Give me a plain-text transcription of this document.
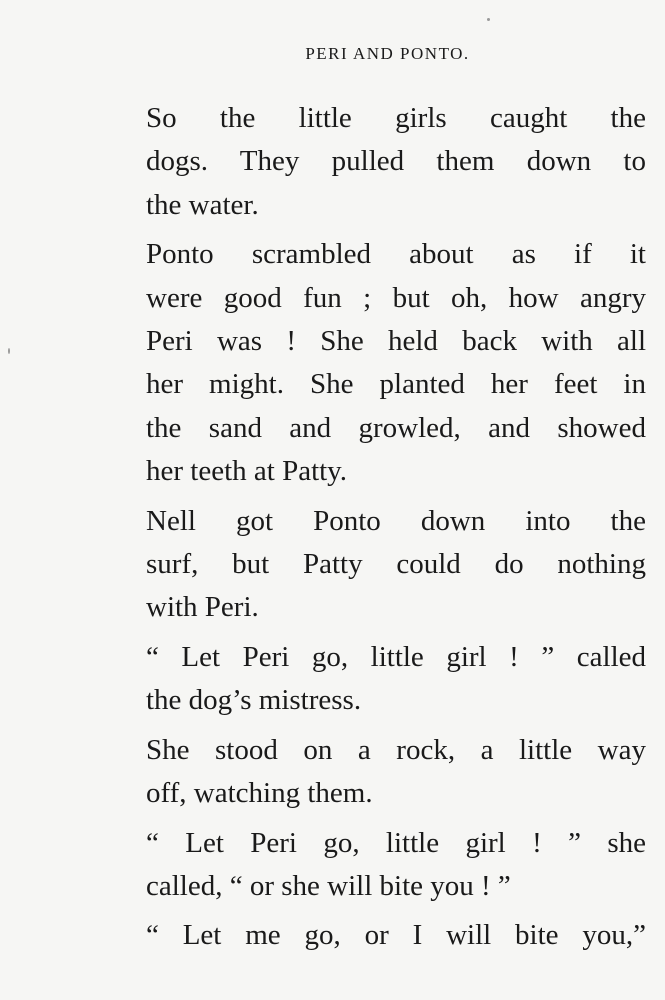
PERI AND PONTO.
So the little girls caught the
dogs. They pulled them down to
the water.
Ponto scrambled about as if it
were good fun ; but oh, how angry
Peri was ! She held back with all
her might. She planted her feet in
the sand and growled, and showed
her teeth at Patty.
Nell got Ponto down into the
surf, but Patty could do nothing
with Peri.
“ Let Peri go, little girl ! ” called
the dog’s mistress.
She stood on a rock, a little way
off, watching them.
“ Let Peri go, little girl ! ” she
called, “ or she will bite you ! ”
“ Let me go, or I will bite you,”
